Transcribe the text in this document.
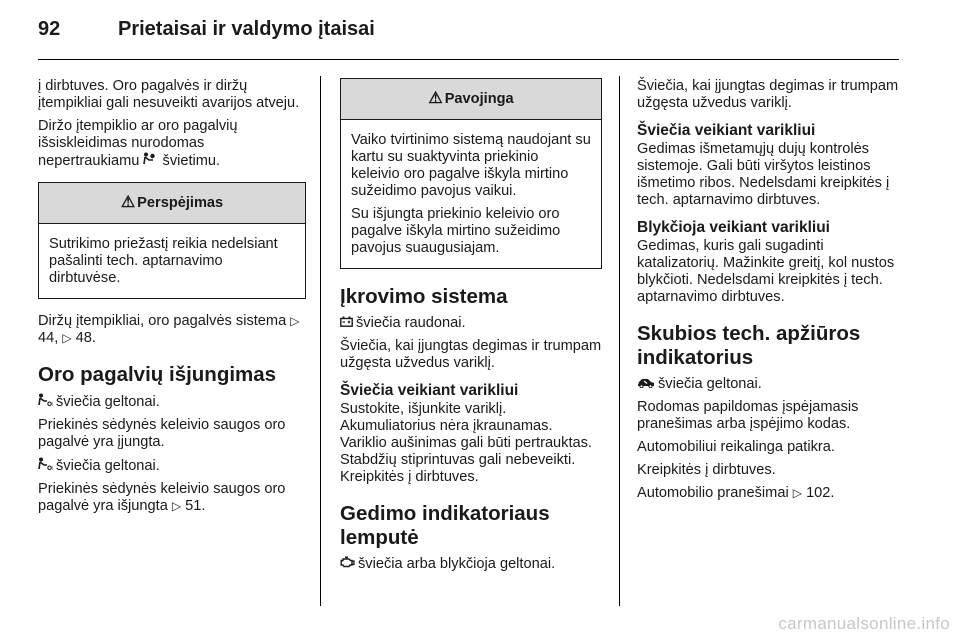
92	Prietaisai ir valdymo įtaisai

į dirbtuves. Oro pagalvės ir diržų įtempikliai gali nesuveikti avarijos atveju.

Diržo įtempiklio ar oro pagalvių išsiskleidimas nurodomas nepertraukiamu švietimu.

⚠ Perspėjimas

Sutrikimo priežastį reikia nedelsiant pašalinti tech. aptarnavimo dirbtuvėse.

Diržų įtempikliai, oro pagalvės sistema ▷ 44, ▷ 48.

Oro pagalvių išjungimas

O šviečia geltonai.

Priekinės sėdynės keleivio saugos oro pagalvė yra įjungta.

O šviečia geltonai.

Priekinės sėdynės keleivio saugos oro pagalvė yra išjungta ▷ 51.

⚠ Pavojinga

Vaiko tvirtinimo sistemą naudojant su kartu su suaktyvinta priekinio keleivio oro pagalve iškyla mirtino sužeidimo pavojus vaikui.

Su išjungta priekinio keleivio oro pagalve iškyla mirtino sužeidimo pavojus suaugusiajam.

Įkrovimo sistema

šviečia raudonai.

Šviečia, kai įjungtas degimas ir trumpam užgęsta užvedus variklį.

Šviečia veikiant varikliui

Sustokite, išjunkite variklį. Akumuliatorius nėra įkraunamas. Variklio aušinimas gali būti pertrauktas. Stabdžių stiprintuvas gali nebeveikti. Kreipkitės į dirbtuves.

Gedimo indikatoriaus lemputė

šviečia arba blykčioja geltonai.

Šviečia, kai įjungtas degimas ir trumpam užgęsta užvedus variklį.

Šviečia veikiant varikliui

Gedimas išmetamųjų dujų kontrolės sistemoje. Gali būti viršytos leistinos išmetimo ribos. Nedelsdami kreipkitės į tech. aptarnavimo dirbtuves.

Blykčioja veikiant varikliui

Gedimas, kuris gali sugadinti katalizatorių. Mažinkite greitį, kol nustos blykčioti. Nedelsdami kreipkitės į tech. aptarnavimo dirbtuves.

Skubios tech. apžiūros indikatorius

šviečia geltonai.

Rodomas papildomas įspėjamasis pranešimas arba įspėjimo kodas.

Automobiliui reikalinga patikra.

Kreipkitės į dirbtuves.

Automobilio pranešimai ▷ 102.

carmanualsonline.info
